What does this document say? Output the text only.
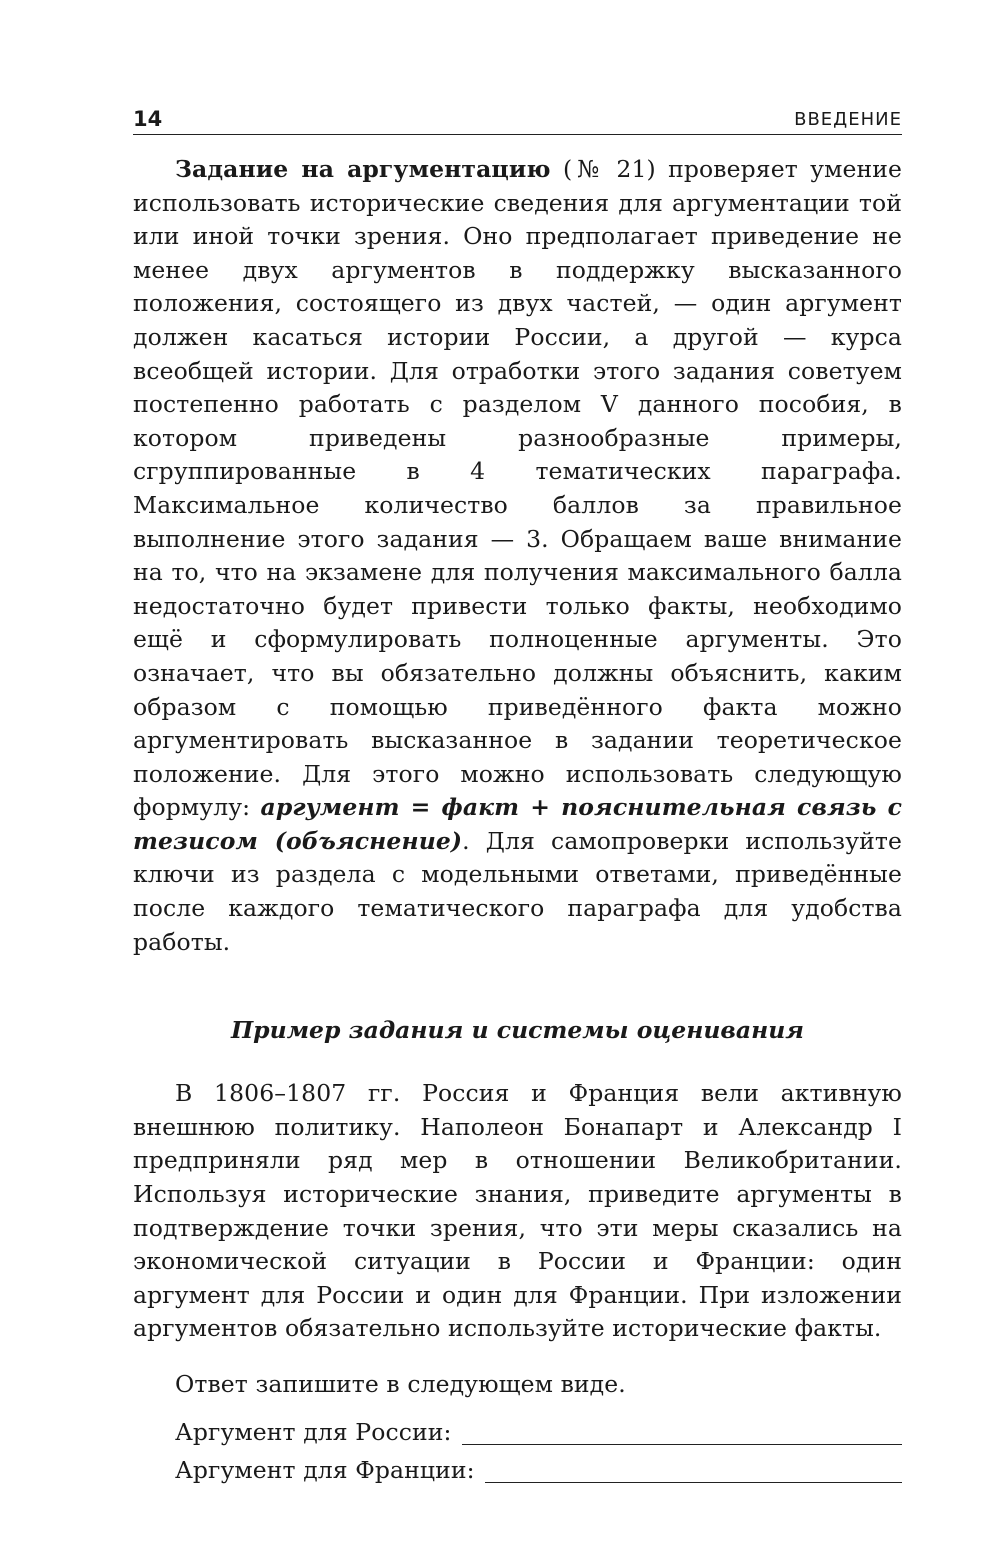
14	ВВЕДЕНИЕ

Задание на аргументацию (№ 21) проверяет умение использовать исторические сведения для аргументации той или иной точки зрения. Оно предполагает приведение не менее двух аргументов в поддержку высказанного положения, состоящего из двух частей, — один аргумент должен касаться истории России, а другой — курса всеобщей истории. Для отработки этого задания советуем постепенно работать с разделом V данного пособия, в котором приведены разнообразные примеры, сгруппированные в 4 тематических параграфа. Максимальное количество баллов за правильное выполнение этого задания — 3. Обращаем ваше внимание на то, что на экзамене для получения максимального балла недостаточно будет привести только факты, необходимо ещё и сформулировать полноценные аргументы. Это означает, что вы обязательно должны объяснить, каким образом с помощью приведённого факта можно аргументировать высказанное в задании теоретическое положение. Для этого можно использовать следующую формулу: аргумент = факт + пояснительная связь с тезисом (объяснение). Для самопроверки используйте ключи из раздела с модельными ответами, приведённые после каждого тематического параграфа для удобства работы.

Пример задания и системы оценивания

В 1806–1807 гг. Россия и Франция вели активную внешнюю политику. Наполеон Бонапарт и Александр I предприняли ряд мер в отношении Великобритании. Используя исторические знания, приведите аргументы в подтверждение точки зрения, что эти меры сказались на экономической ситуации в России и Франции: один аргумент для России и один для Франции. При изложении аргументов обязательно используйте исторические факты.

Ответ запишите в следующем виде.

Аргумент для России:
Аргумент для Франции:
